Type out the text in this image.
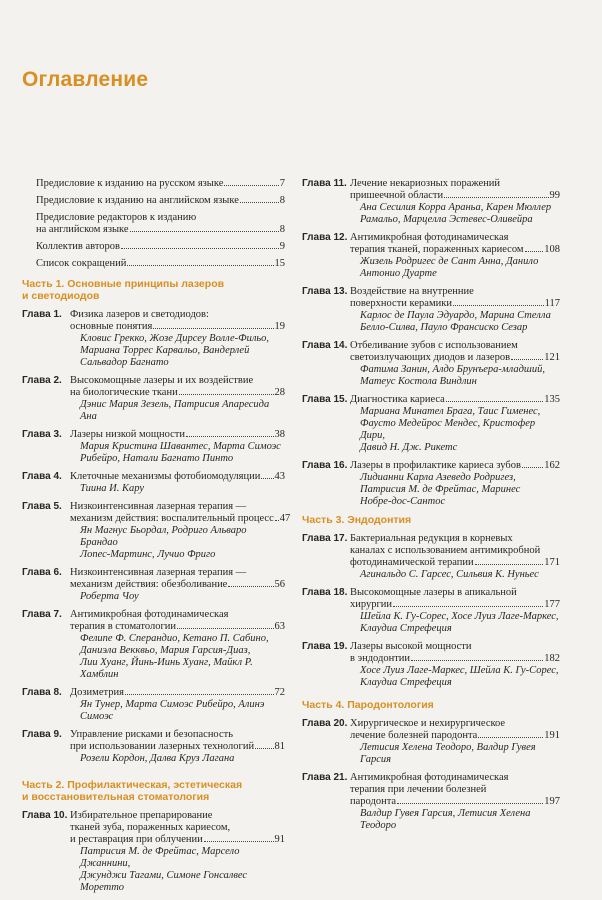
Оглавление
Предисловие к изданию на русском языке	7
Предисловие к изданию на английском языке	8
Предисловие редакторов к изданию
на английском языке	8
Коллектив авторов	9
Список сокращений	15
Часть 1. Основные принципы лазеров
и светодиодов
Глава 1. Физика лазеров и светодиодов:
основные понятия	19
Кловис Грекко, Жозе Дирсеу Волле-Фильо,
Мариана Торрес Карвальо, Вандерлей
Сальвадор Багнато
Глава 2. Высокомощные лазеры и их воздействие
на биологические ткани	28
Дэнис Мария Зезель, Патрисия Апаресида Ана
Глава 3. Лазеры низкой мощности	38
Мария Кристина Шавантес, Марта Симоэс
Рибейро, Натали Багнато Пинто
Глава 4. Клеточные механизмы фотобиомодуляции 43
Тиина И. Кару
Глава 5. Низкоинтенсивная лазерная терапия —
механизм действия: воспалительный процесс 47
Ян Магнус Бьордал, Родриго Альваро Брандао
Лопес-Мартинс, Лучио Фриго
Глава 6. Низкоинтенсивная лазерная терапия —
механизм действия: обезболивание	56
Роберта Чоу
Глава 7. Антимикробная фотодинамическая
терапия в стоматологии	63
Фелипе Ф. Сперандио, Кетано П. Сабино,
Даниэла Векквьо, Мария Гарсия-Диаз,
Лии Хуанг, Йинь-Иинь Хуанг, Майкл Р. Хамблин
Глава 8. Дозиметрия	72
Ян Тунер, Марта Симоэс Рибейро, Алинэ Симоэс
Глава 9. Управление рисками и безопасность
при использовании лазерных технологий 81
Розели Кордон, Далва Круз Лагана
Часть 2. Профилактическая, эстетическая
и восстановительная стоматология
Глава 10. Избирательное препарирование
тканей зуба, пораженных кариесом,
и реставрация при облучении	91
Патрисия М. де Фрейтас, Марсело Джаннини,
Джунджи Тагами, Симоне Гонсалвес Моретто
Глава 11. Лечение некариозных поражений
пришеечной области	99
Ана Сесилия Корра Араньа, Карен Мюллер
Рамальо, Марцелла Эстевес-Оливейра
Глава 12. Антимикробная фотодинамическая
терапия тканей, пораженных кариесом 108
Жизель Родригес де Сант Анна, Данило
Антонио Дуарте
Глава 13. Воздействие на внутренние
поверхности керамики	117
Карлос де Паула Эдуардо, Марина Стелла
Белло-Силва, Пауло Франсиско Сезар
Глава 14. Отбеливание зубов с использованием
светоизлучающих диодов и лазеров	121
Фатима Занин, Алдо Брунъера-младший,
Матеус Костола Виндлин
Глава 15. Диагностика кариеса	135
Мариана Минател Брага, Таис Гименес,
Фаусто Медейрос Мендес, Кристофер Дири,
Давид Н. Дж. Рикетс
Глава 16. Лазеры в профилактике кариеса зубов 162
Лидианни Карла Азеведо Родригез,
Патрисия М. де Фрейтас, Маринес
Нобре-дос-Сантос
Часть 3. Эндодонтия
Глава 17. Бактериальная редукция в корневых
каналах с использованием антимикробной
фотодинамической терапии	171
Агинальдо С. Гарсес, Сильвия К. Нуньес
Глава 18. Высокомощные лазеры в апикальной
хирургии	177
Шейла К. Гу-Сорес, Хосе Луиз Лаге-Маркес,
Клаудиа Стрефеция
Глава 19. Лазеры высокой мощности
в эндодонтии	182
Хосе Луиз Лаге-Маркес, Шейла К. Гу-Сорес,
Клаудиа Стрефеция
Часть 4. Пародонтология
Глава 20. Хирургическое и нехирургическое
лечение болезней пародонта	191
Летисия Хелена Теодоро, Валдир Гувея Гарсия
Глава 21. Антимикробная фотодинамическая
терапия при лечении болезней
пародонта	197
Валдир Гувея Гарсия, Летисия Хелена Теодоро
